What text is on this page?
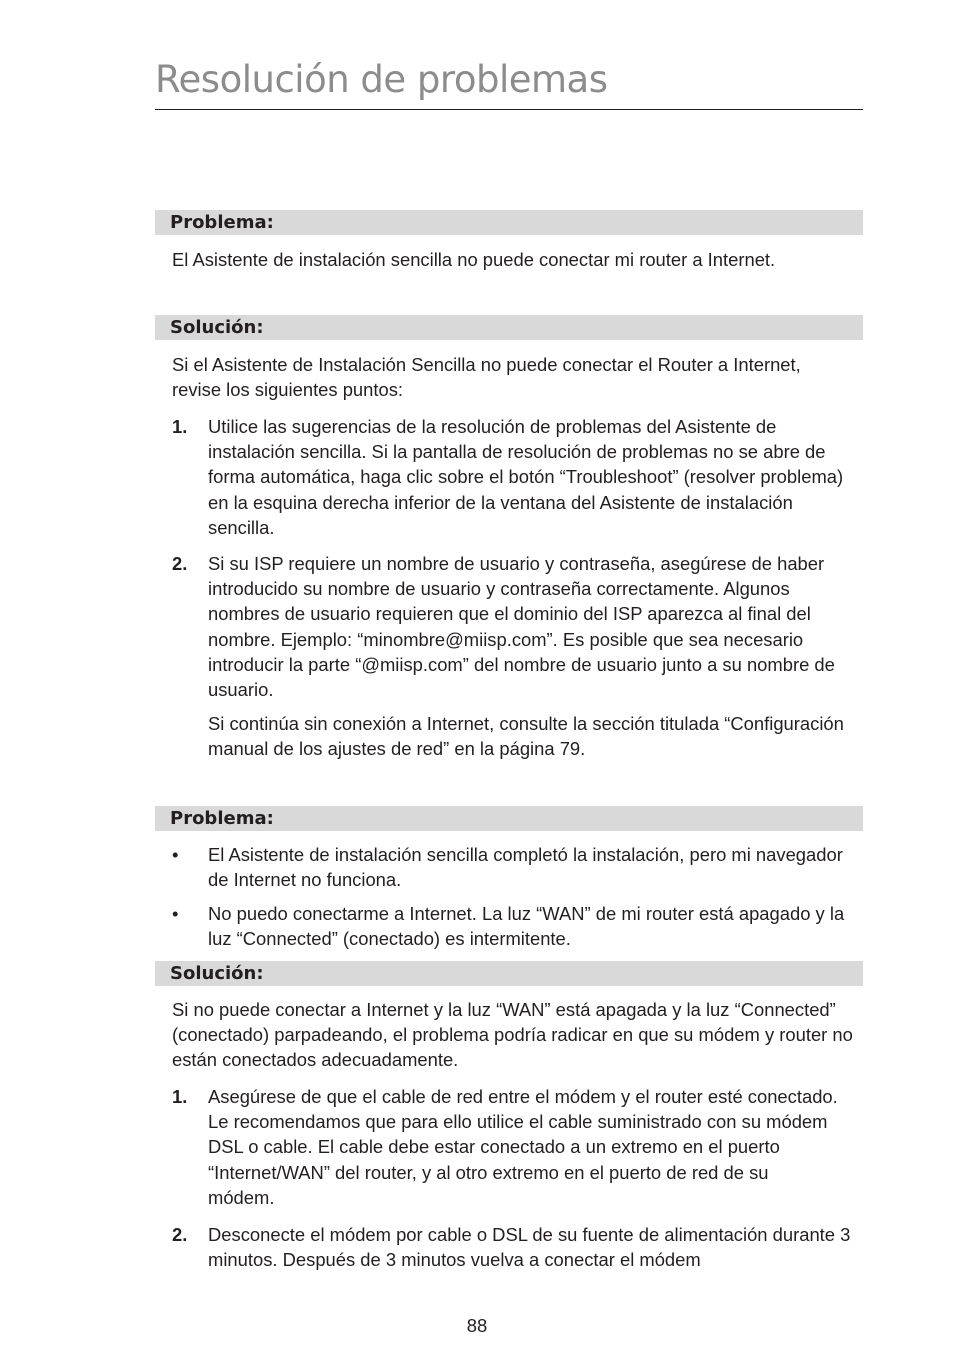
Resolución de problemas
Problema:

El Asistente de instalación sencilla no puede conectar mi router a Internet.

Solución:

Si el Asistente de Instalación Sencilla no puede conectar el Router a Internet, revise los siguientes puntos:

1. Utilice las sugerencias de la resolución de problemas del Asistente de instalación sencilla. Si la pantalla de resolución de problemas no se abre de forma automática, haga clic sobre el botón “Troubleshoot” (resolver problema) en la esquina derecha inferior de la ventana del Asistente de instalación sencilla.
2. Si su ISP requiere un nombre de usuario y contraseña, asegúrese de haber introducido su nombre de usuario y contraseña correctamente. Algunos nombres de usuario requieren que el dominio del ISP aparezca al final del nombre. Ejemplo: “minombre@miisp.com”. Es posible que sea necesario introducir la parte “@miisp.com” del nombre de usuario junto a su nombre de usuario.

Si continúa sin conexión a Internet, consulte la sección titulada “Configuración manual de los ajustes de red” en la página 79.

Problema:
• El Asistente de instalación sencilla completó la instalación, pero mi navegador de Internet no funciona.
• No puedo conectarme a Internet. La luz “WAN” de mi router está apagado y la luz “Connected” (conectado) es intermitente.
Solución:

Si no puede conectar a Internet y la luz “WAN” está apagada y la luz “Connected” (conectado) parpadeando, el problema podría radicar en que su módem y router no están conectados adecuadamente.

1. Asegúrese de que el cable de red entre el módem y el router esté conectado. Le recomendamos que para ello utilice el cable suministrado con su módem DSL o cable. El cable debe estar conectado a un extremo en el puerto “Internet/WAN” del router, y al otro extremo en el puerto de red de su módem.
2. Desconecte el módem por cable o DSL de su fuente de alimentación durante 3 minutos. Después de 3 minutos vuelva a conectar el módem
88
